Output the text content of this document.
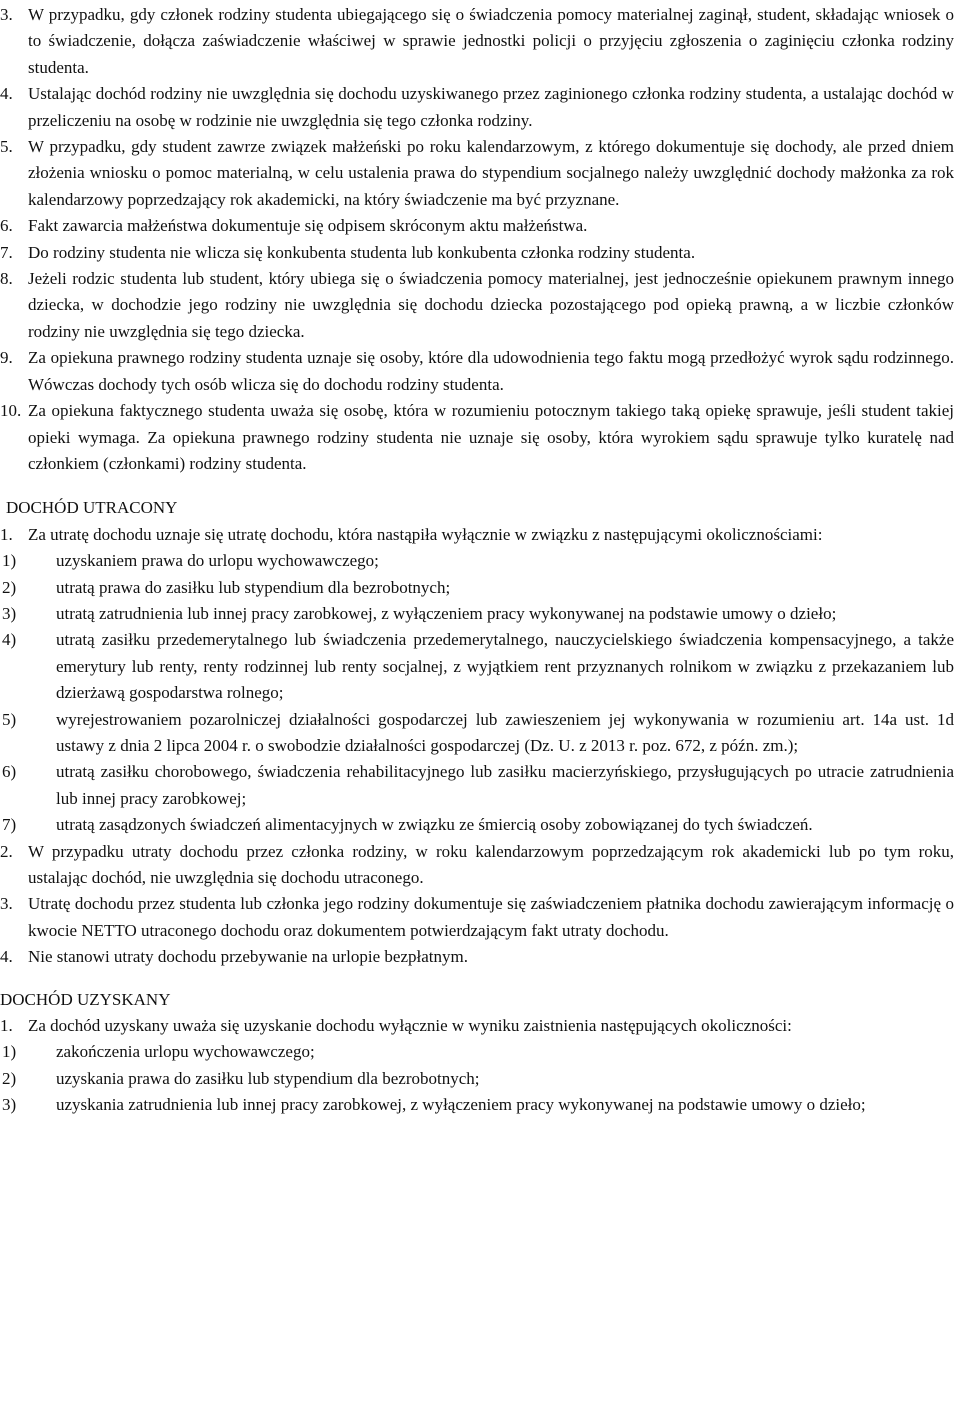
3. W przypadku, gdy członek rodziny studenta ubiegającego się o świadczenia pomocy materialnej zaginął, student, składając wniosek o to świadczenie, dołącza zaświadczenie właściwej w sprawie jednostki policji o przyjęciu zgłoszenia o zaginięciu członka rodziny studenta.
4. Ustalając dochód rodziny nie uwzględnia się dochodu uzyskiwanego przez zaginionego członka rodziny studenta, a ustalając dochód w przeliczeniu na osobę w rodzinie nie uwzględnia się tego członka rodziny.
5. W przypadku, gdy student zawrze związek małżeński po roku kalendarzowym, z którego dokumentuje się dochody, ale przed dniem złożenia wniosku o pomoc materialną, w celu ustalenia prawa do stypendium socjalnego należy uwzględnić dochody małżonka za rok kalendarzowy poprzedzający rok akademicki, na który świadczenie ma być przyznane.
6. Fakt zawarcia małżeństwa dokumentuje się odpisem skróconym aktu małżeństwa.
7. Do rodziny studenta nie wlicza się konkubenta studenta lub konkubenta członka rodziny studenta.
8. Jeżeli rodzic studenta lub student, który ubiega się o świadczenia pomocy materialnej, jest jednocześnie opiekunem prawnym innego dziecka, w dochodzie jego rodziny nie uwzględnia się dochodu dziecka pozostającego pod opieką prawną, a w liczbie członków rodziny nie uwzględnia się tego dziecka.
9. Za opiekuna prawnego rodziny studenta uznaje się osoby, które dla udowodnienia tego faktu mogą przedłożyć wyrok sądu rodzinnego. Wówczas dochody tych osób wlicza się do dochodu rodziny studenta.
10. Za opiekuna faktycznego studenta uważa się osobę, która w rozumieniu potocznym takiego taką opiekę sprawuje, jeśli student takiej opieki wymaga. Za opiekuna prawnego rodziny studenta nie uznaje się osoby, która wyrokiem sądu sprawuje tylko kuratelę nad członkiem (członkami) rodziny studenta.
DOCHÓD UTRACONY
1. Za utratę dochodu uznaje się utratę dochodu, która nastąpiła wyłącznie w związku z następującymi okolicznościami:
1)	uzyskaniem prawa do urlopu wychowawczego;
2)	utratą prawa do zasiłku lub stypendium dla bezrobotnych;
3)	utratą zatrudnienia lub innej pracy zarobkowej, z wyłączeniem pracy wykonywanej na podstawie umowy o dzieło;
4)	utratą zasiłku przedemerytalnego lub świadczenia przedemerytalnego, nauczycielskiego świadczenia kompensacyjnego, a także emerytury lub renty, renty rodzinnej lub renty socjalnej, z wyjątkiem rent przyznanych rolnikom w związku z przekazaniem lub dzierżawą gospodarstwa rolnego;
5)	wyrejestrowaniem pozarolniczej działalności gospodarczej lub zawieszeniem jej wykonywania w rozumieniu art. 14a ust. 1d ustawy z dnia 2 lipca 2004 r. o swobodzie działalności gospodarczej (Dz. U. z 2013 r. poz. 672, z późn. zm.);
6)	utratą zasiłku chorobowego, świadczenia rehabilitacyjnego lub zasiłku macierzyńskiego, przysługujących po utracie zatrudnienia lub innej pracy zarobkowej;
7)	utratą zasądzonych świadczeń alimentacyjnych w związku ze śmiercią osoby zobowiązanej do tych świadczeń.
2. W przypadku utraty dochodu przez członka rodziny, w roku kalendarzowym poprzedzającym rok akademicki lub po tym roku, ustalając dochód, nie uwzględnia się dochodu utraconego.
3. Utratę dochodu przez studenta lub członka jego rodziny dokumentuje się zaświadczeniem płatnika dochodu zawierającym informację o kwocie NETTO utraconego dochodu oraz dokumentem potwierdzającym fakt utraty dochodu.
4. Nie stanowi utraty dochodu przebywanie na urlopie bezpłatnym.
DOCHÓD UZYSKANY
1. Za dochód uzyskany uważa się uzyskanie dochodu wyłącznie w wyniku zaistnienia następujących okoliczności:
1)	zakończenia urlopu wychowawczego;
2)	uzyskania prawa do zasiłku lub stypendium dla bezrobotnych;
3)	uzyskania zatrudnienia lub innej pracy zarobkowej, z wyłączeniem pracy wykonywanej na podstawie umowy o dzieło;
